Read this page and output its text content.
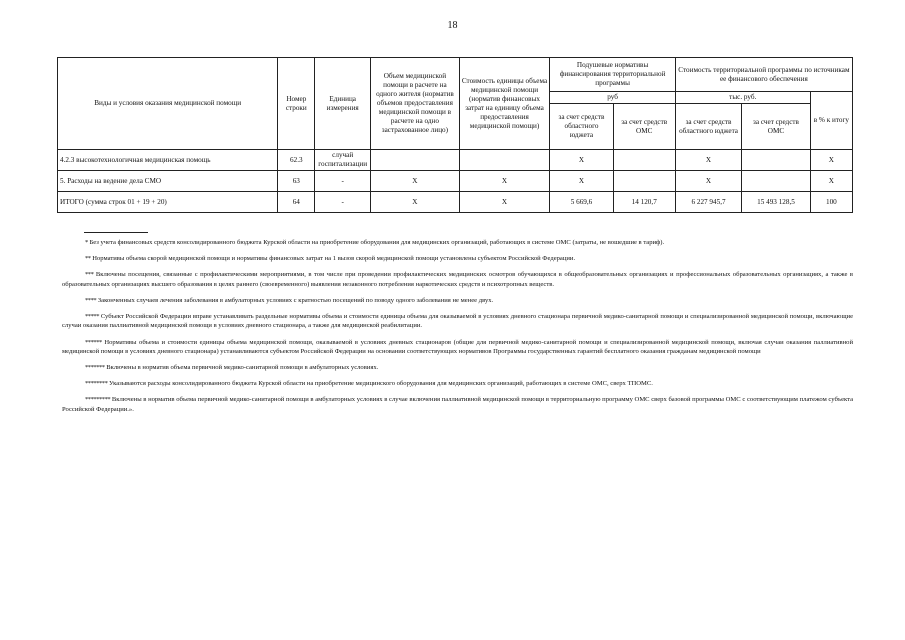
18
Виды и условия оказания медицинской помощи	Номер строки	Единица измерения	Объем медицинской помощи в расчете на одного жителя (норматив объемов предоставления медицинской помощи в расчете на одно застрахованное лицо)	Стоимость единицы объема медицинской помощи (норматив финансовых затрат на единицу объема предоставления медицинской помощи)	Подушевые нормативы финансирования территориальной программы		Стоимость территориальной программы по источникам ее финансового обеспечения		
					руб		тыс. руб.		в % к итогу
					за счет средств областного юджета	за счет средств ОМС	за счет средств областного юджета	за счет средств ОМС	
4.2.3 высокотехнологичная медицинская помощь	62.3	случай госпитализации			X		X		X
5. Расходы на ведение дела СМО	63	-	X	X	X		X		X
ИТОГО (сумма строк 01 + 19 + 20)	64	-	X	X	5 669,6	14 120,7	6 227 945,7	15 493 128,5	100

* Без учета финансовых средств консолидированного бюджета Курской области на приобретение оборудования для медицинских организаций, работающих в системе ОМС (затраты, не вошедшие в тариф).

** Нормативы объема скорой медицинской помощи и нормативы финансовых затрат на 1 вызов скорой медицинской помощи установлены субъектом Российской Федерации.

*** Включены посещения, связанные с профилактическими мероприятиями, в том числе при проведении профилактических медицинских осмотров обучающихся в общеобразовательных организациях и профессиональных образовательных организациях, а также в образовательных организациях высшего образования в целях раннего (своевременного) выявления незаконного потребления наркотических средств и психотропных веществ.

**** Законченных случаев лечения заболевания в амбулаторных условиях с кратностью посещений по поводу одного заболевания не менее двух.

***** Субъект Российской Федерации вправе устанавливать раздельные нормативы объема и стоимости единицы объема для оказываемой в условиях дневного стационара первичной медико-санитарной помощи и специализированной медицинской помощи, включающие случаи оказания паллиативной медицинской помощи в условиях дневного стационара, а также для медицинской реабилитации.

****** Нормативы объема и стоимости единицы объема медицинской помощи, оказываемой в условиях дневных стационаров (общие для первичной медико-санитарной помощи и специализированной медицинской помощи, включая случаи оказания паллиативной медицинской помощи в условиях дневного стационара) устанавливаются субъектом Российской Федерации на основании соответствующих нормативов Программы государственных гарантий бесплатного оказания гражданам медицинской помощи

******* Включены в норматив объема первичной медико-санитарной помощи в амбулаторных условиях.

******** Указываются расходы консолидированного бюджета Курской области на приобретение медицинского оборудования для медицинских организаций, работающих в системе ОМС, сверх ТПОМС.

********* Включены в норматив объема первичной медико-санитарной помощи в амбулаторных условиях в случае включения паллиативной медицинской помощи в территориальную программу ОМС сверх базовой программы ОМС с соответствующим платежом субъекта Российской Федерации.».
